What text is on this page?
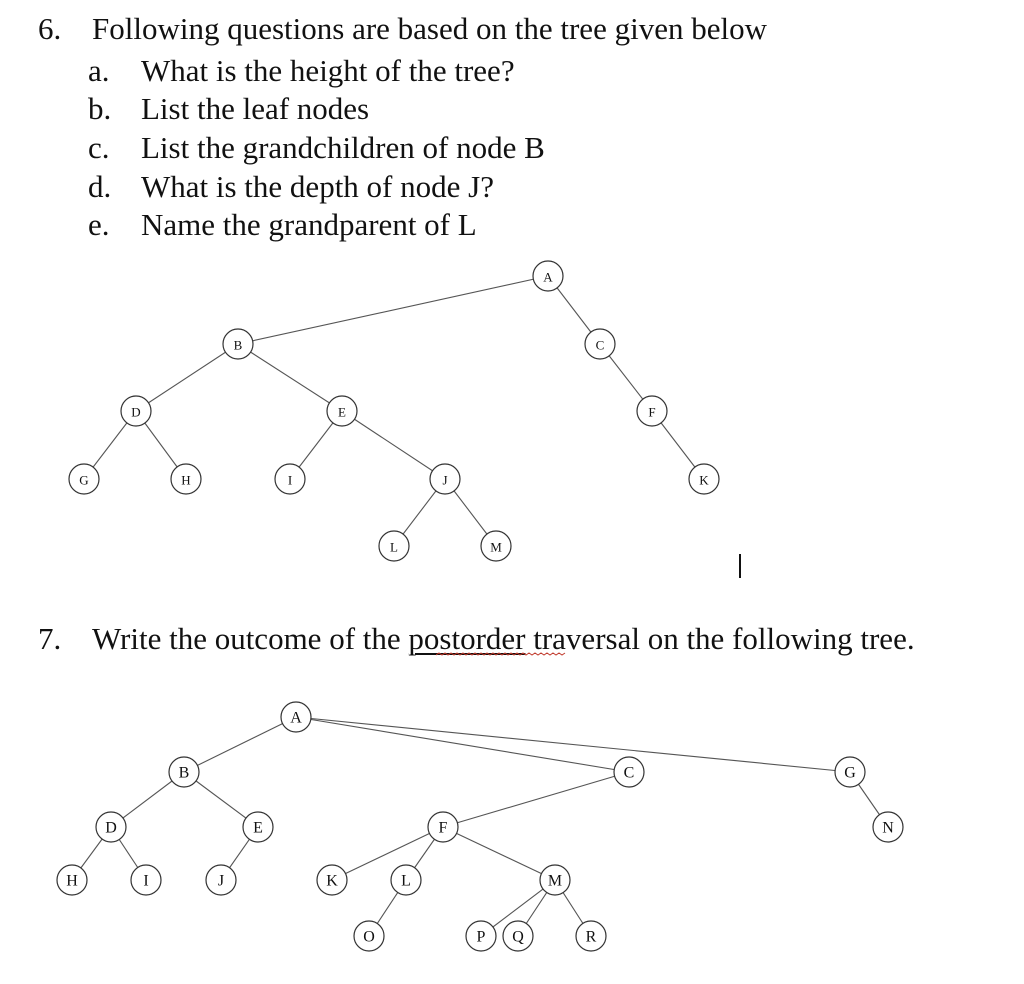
6. Following questions are based on the tree given below
a. What is the height of the tree?
b. List the leaf nodes
c. List the grandchildren of node B
d. What is the depth of node J?
e. Name the grandparent of L
A
B	C
D	E	F
G	H	I	J	K
L	M
7. Write the outcome of the postorder traversal on the following tree.
A
B	C	G
D	E	F	N
H	I	J	K	L	M
O	P Q	R
